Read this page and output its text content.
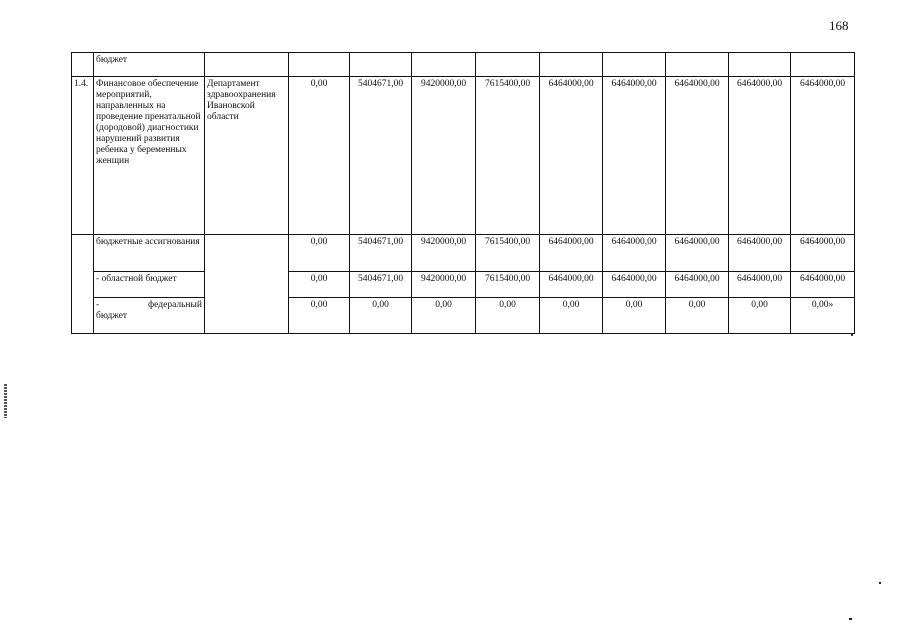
168
	бюджет										
1.4.	Финансовое обеспечение мероприятий, направленных на проведение пренатальной (дородовой) диагностики нарушений развития ребенка у беременных женщин	Департамент здравоохранения Ивановской области	0,00	5404671,00	9420000,00	7615400,00	6464000,00	6464000,00	6464000,00	6464000,00	6464000,00
	бюджетные ассигнования		0,00	5404671,00	9420000,00	7615400,00	6464000,00	6464000,00	6464000,00	6464000,00	6464000,00
	- областной бюджет		0,00	5404671,00	9420000,00	7615400,00	6464000,00	6464000,00	6464000,00	6464000,00	6464000,00

	- федеральный
бюджет		0,00	0,00	0,00	0,00	0,00	0,00	0,00	0,00	0,00»
